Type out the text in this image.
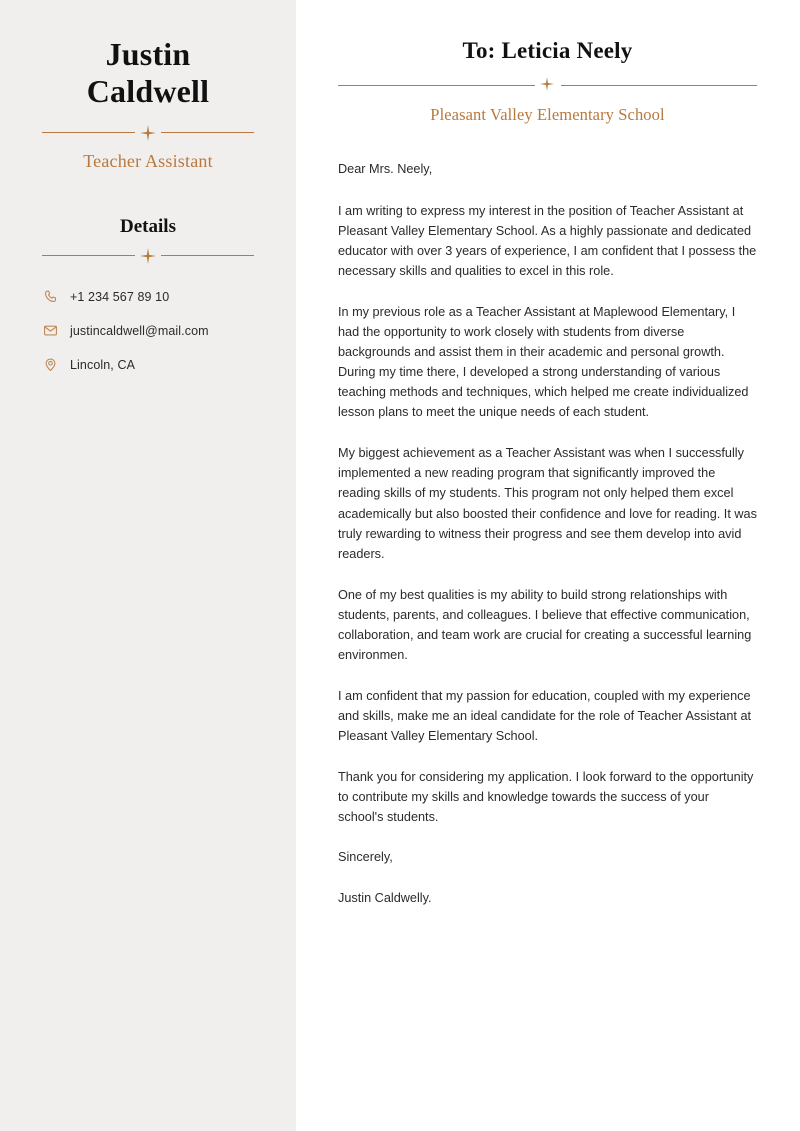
Justin
Caldwell
Teacher Assistant
Details
+1 234 567 89 10
justincaldwell@mail.com
Lincoln, CA
To: Leticia Neely
Pleasant Valley Elementary School

Dear Mrs. Neely,

I am writing to express my interest in the position of Teacher Assistant at Pleasant Valley Elementary School. As a highly passionate and dedicated educator with over 3 years of experience, I am confident that I possess the necessary skills and qualities to excel in this role.

In my previous role as a Teacher Assistant at Maplewood Elementary, I had the opportunity to work closely with students from diverse backgrounds and assist them in their academic and personal growth. During my time there, I developed a strong understanding of various teaching methods and techniques, which helped me create individualized lesson plans to meet the unique needs of each student.

My biggest achievement as a Teacher Assistant was when I successfully implemented a new reading program that significantly improved the reading skills of my students. This program not only helped them excel academically but also boosted their confidence and love for reading. It was truly rewarding to witness their progress and see them develop into avid readers.

One of my best qualities is my ability to build strong relationships with students, parents, and colleagues. I believe that effective communication, collaboration, and team work are crucial for creating a successful learning environmen.

I am confident that my passion for education, coupled with my experience and skills, make me an ideal candidate for the role of Teacher Assistant at Pleasant Valley Elementary School.

Thank you for considering my application. I look forward to the opportunity to contribute my skills and knowledge towards the success of your school's students.

Sincerely,

Justin Caldwelly.
